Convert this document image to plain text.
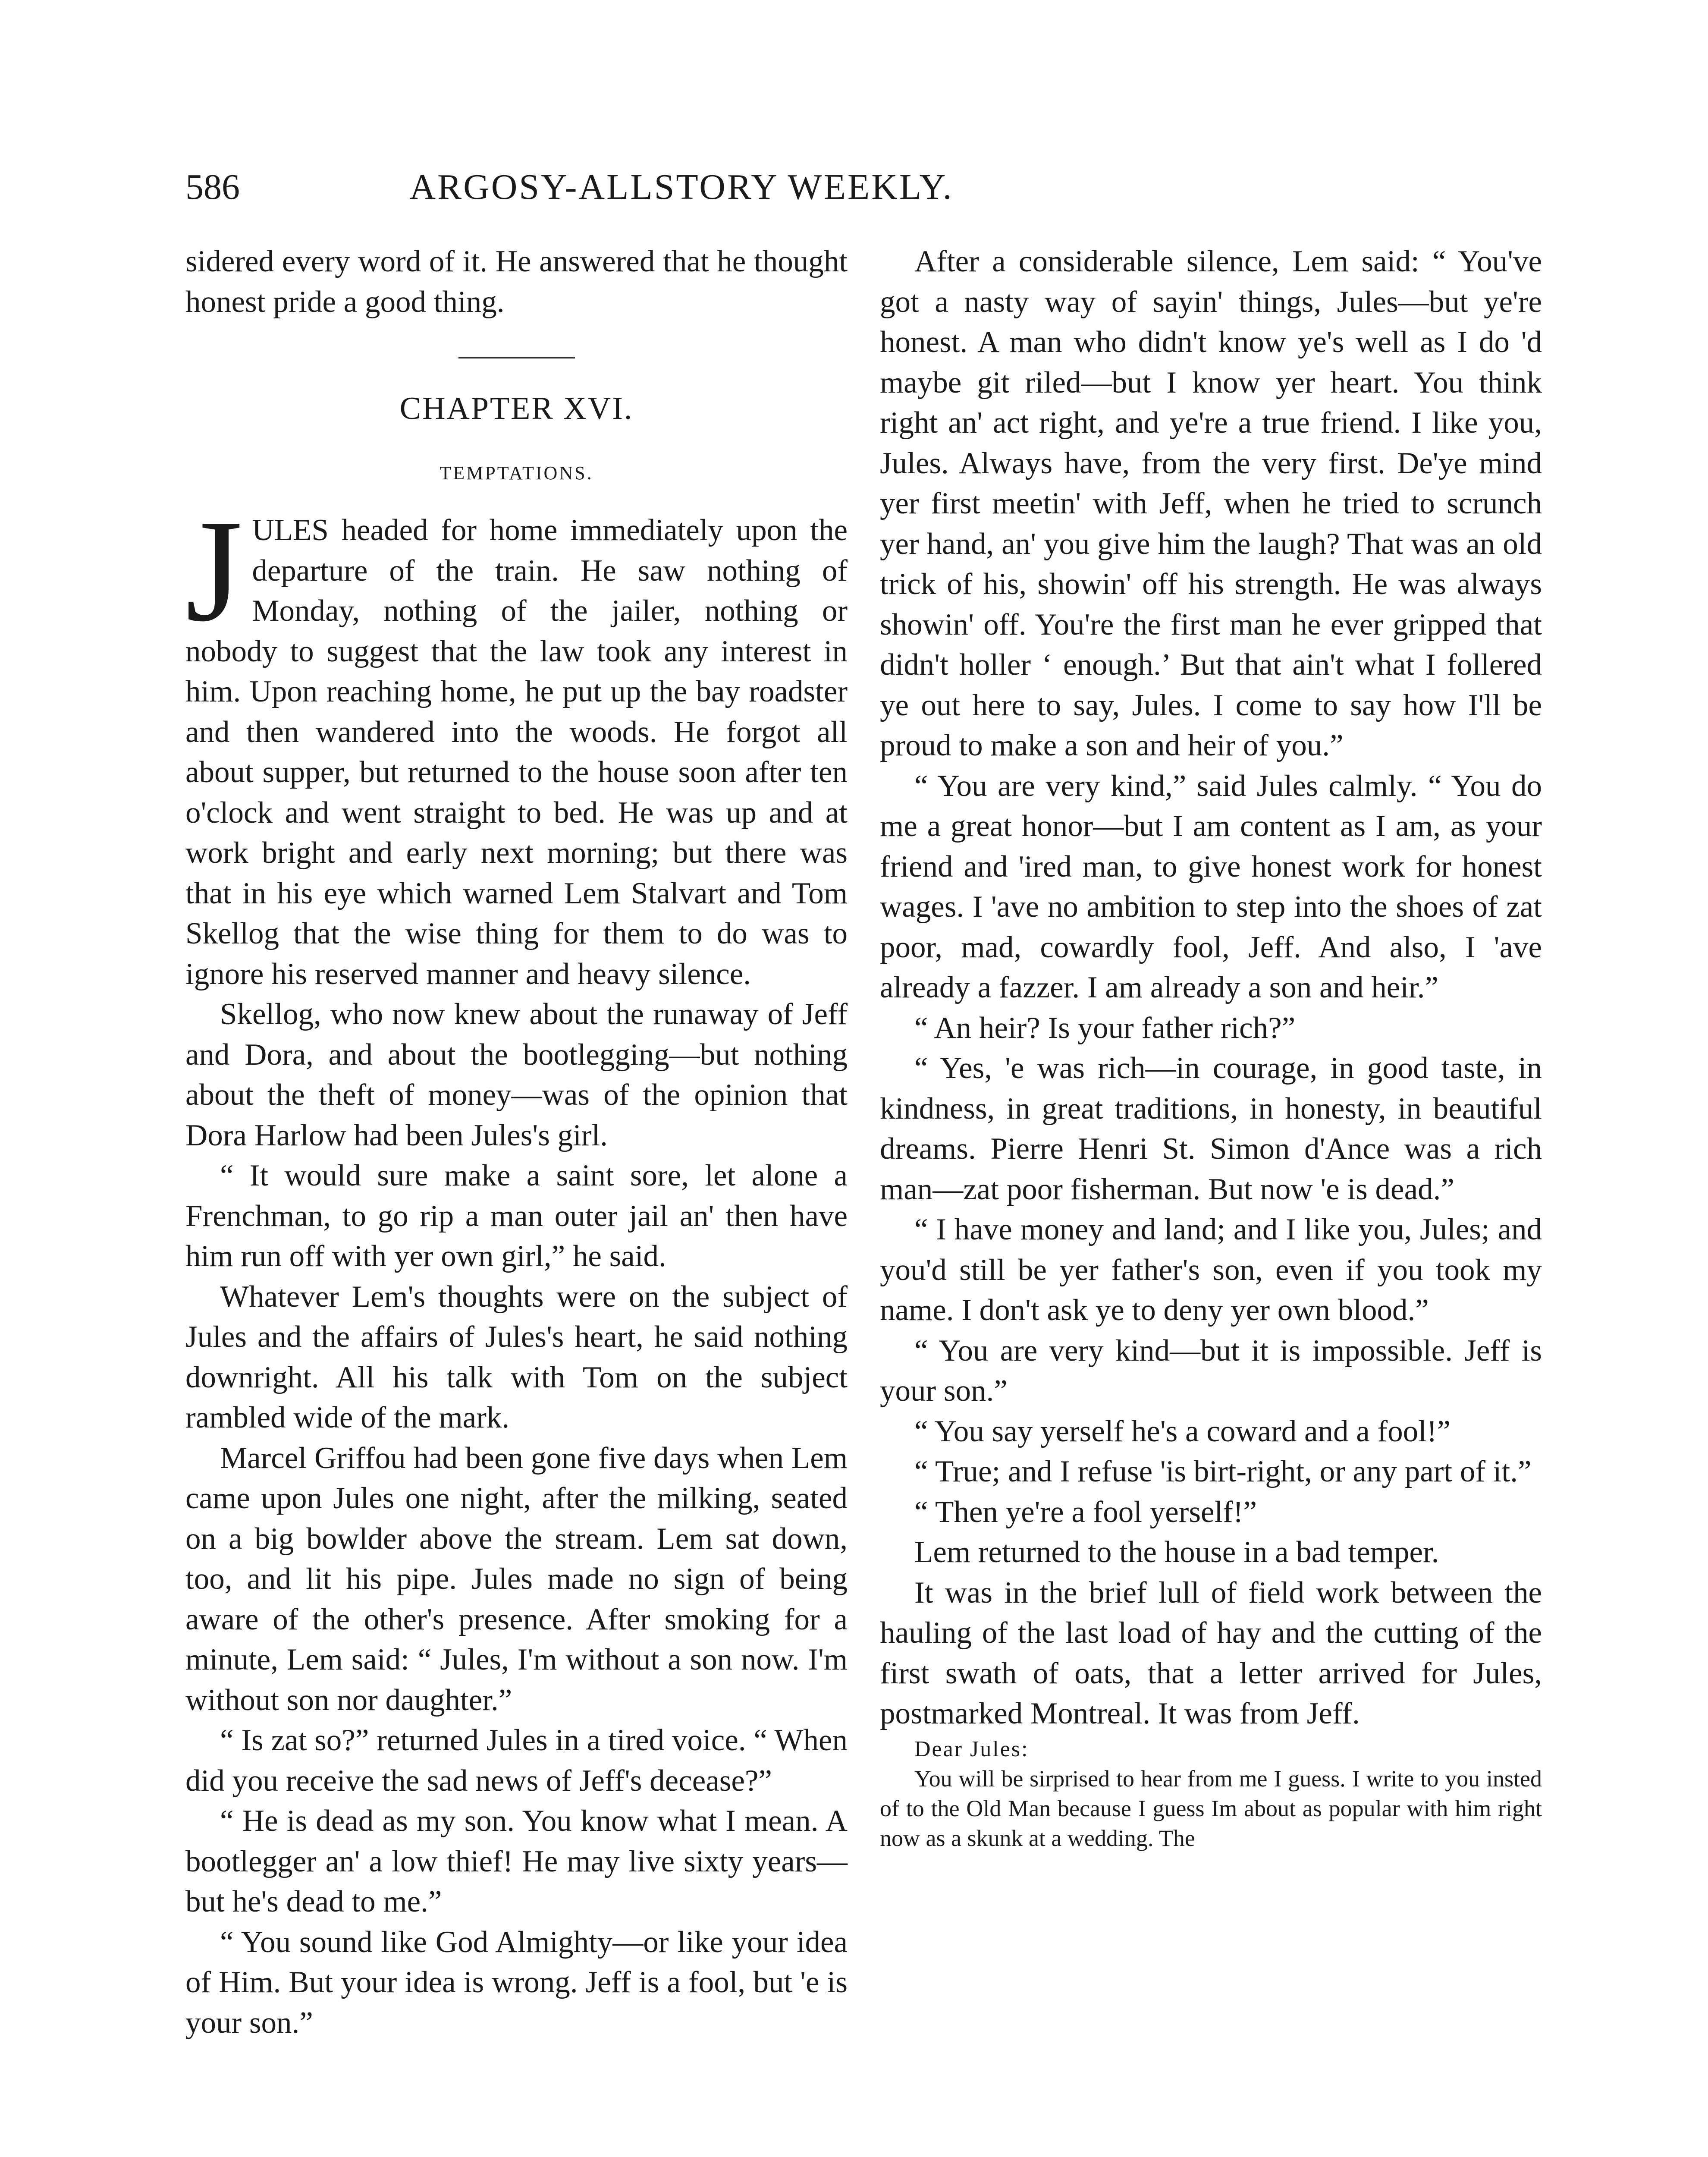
586	ARGOSY-ALLSTORY WEEKLY.

sidered every word of it. He answered that he thought honest pride a good thing.

CHAPTER XVI.
TEMPTATIONS.

JULES headed for home immediately upon the departure of the train. He saw nothing of Monday, nothing of the jailer, nothing or nobody to suggest that the law took any interest in him. Upon reaching home, he put up the bay roadster and then wandered into the woods. He forgot all about supper, but returned to the house soon after ten o'clock and went straight to bed. He was up and at work bright and early next morning; but there was that in his eye which warned Lem Stalvart and Tom Skellog that the wise thing for them to do was to ignore his reserved manner and heavy silence.

Skellog, who now knew about the runaway of Jeff and Dora, and about the bootlegging—but nothing about the theft of money—was of the opinion that Dora Harlow had been Jules's girl.

“ It would sure make a saint sore, let alone a Frenchman, to go rip a man outer jail an' then have him run off with yer own girl,” he said.

Whatever Lem's thoughts were on the subject of Jules and the affairs of Jules's heart, he said nothing downright. All his talk with Tom on the subject rambled wide of the mark.

Marcel Griffou had been gone five days when Lem came upon Jules one night, after the milking, seated on a big bowlder above the stream. Lem sat down, too, and lit his pipe. Jules made no sign of being aware of the other's presence. After smoking for a minute, Lem said: “ Jules, I'm without a son now. I'm without son nor daughter.”

“ Is zat so?” returned Jules in a tired voice. “ When did you receive the sad news of Jeff's decease?”

“ He is dead as my son. You know what I mean. A bootlegger an' a low thief! He may live sixty years—but he's dead to me.”

“ You sound like God Almighty—or like your idea of Him. But your idea is wrong. Jeff is a fool, but 'e is your son.”

After a considerable silence, Lem said: “ You've got a nasty way of sayin' things, Jules—but ye're honest. A man who didn't know ye's well as I do 'd maybe git riled—but I know yer heart. You think right an' act right, and ye're a true friend. I like you, Jules. Always have, from the very first. De'ye mind yer first meetin' with Jeff, when he tried to scrunch yer hand, an' you give him the laugh? That was an old trick of his, showin' off his strength. He was always showin' off. You're the first man he ever gripped that didn't holler ‘ enough.’ But that ain't what I follered ye out here to say, Jules. I come to say how I'll be proud to make a son and heir of you.”

“ You are very kind,” said Jules calmly. “ You do me a great honor—but I am content as I am, as your friend and 'ired man, to give honest work for honest wages. I 'ave no ambition to step into the shoes of zat poor, mad, cowardly fool, Jeff. And also, I 'ave already a fazzer. I am already a son and heir.”

“ An heir? Is your father rich?”

“ Yes, 'e was rich—in courage, in good taste, in kindness, in great traditions, in honesty, in beautiful dreams. Pierre Henri St. Simon d'Ance was a rich man—zat poor fisherman. But now 'e is dead.”

“ I have money and land; and I like you, Jules; and you'd still be yer father's son, even if you took my name. I don't ask ye to deny yer own blood.”

“ You are very kind—but it is impossible. Jeff is your son.”

“ You say yerself he's a coward and a fool!”

“ True; and I refuse 'is birt-right, or any part of it.”

“ Then ye're a fool yerself!”

Lem returned to the house in a bad temper.

It was in the brief lull of field work between the hauling of the last load of hay and the cutting of the first swath of oats, that a letter arrived for Jules, postmarked Montreal. It was from Jeff.

Dear Jules:

You will be sirprised to hear from me I guess. I write to you insted of to the Old Man because I guess Im about as popular with him right now as a skunk at a wedding. The
